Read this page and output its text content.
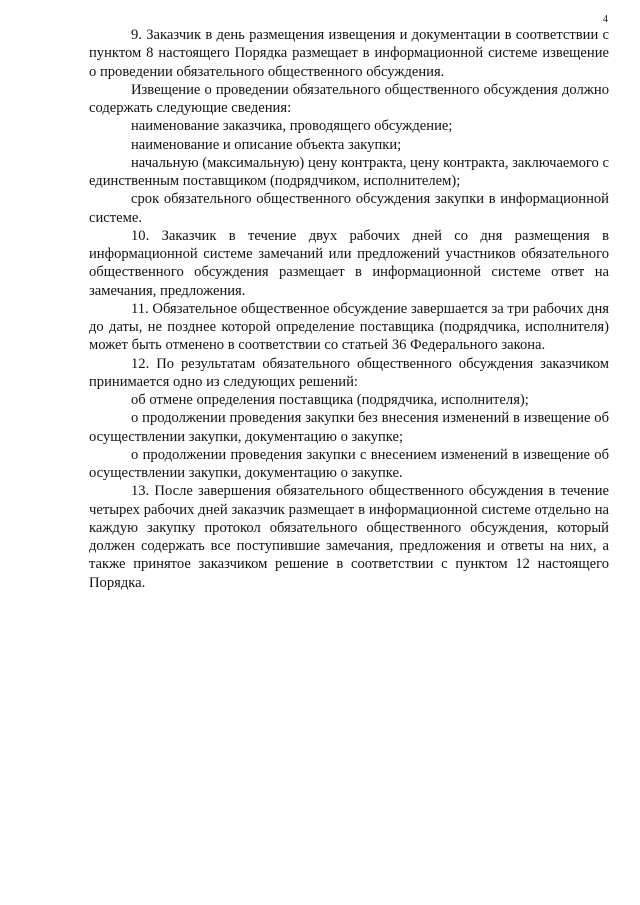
4

9. Заказчик в день размещения извещения и документации в соответствии с пунктом 8 настоящего Порядка размещает в информационной системе извещение о проведении обязательного общественного обсуждения.

Извещение о проведении обязательного общественного обсуждения должно содержать следующие сведения:

наименование заказчика, проводящего обсуждение;

наименование и описание объекта закупки;

начальную (максимальную) цену контракта, цену контракта, заключаемого с единственным поставщиком (подрядчиком, исполнителем);

срок обязательного общественного обсуждения закупки в информационной системе.

10. Заказчик в течение двух рабочих дней со дня размещения в информационной системе замечаний или предложений участников обязательного общественного обсуждения размещает в информационной системе ответ на замечания, предложения.

11. Обязательное общественное обсуждение завершается за три рабочих дня до даты, не позднее которой определение поставщика (подрядчика, исполнителя) может быть отменено в соответствии со статьей 36 Федерального закона.

12. По результатам обязательного общественного обсуждения заказчиком принимается одно из следующих решений:

об отмене определения поставщика (подрядчика, исполнителя);

о продолжении проведения закупки без внесения изменений в извещение об осуществлении закупки, документацию о закупке;

о продолжении проведения закупки с внесением изменений в извещение об осуществлении закупки, документацию о закупке.

13. После завершения обязательного общественного обсуждения в течение четырех рабочих дней заказчик размещает в информационной системе отдельно на каждую закупку протокол обязательного общественного обсуждения, который должен содержать все поступившие замечания, предложения и ответы на них, а также принятое заказчиком решение в соответствии с пунктом 12 настоящего Порядка.
